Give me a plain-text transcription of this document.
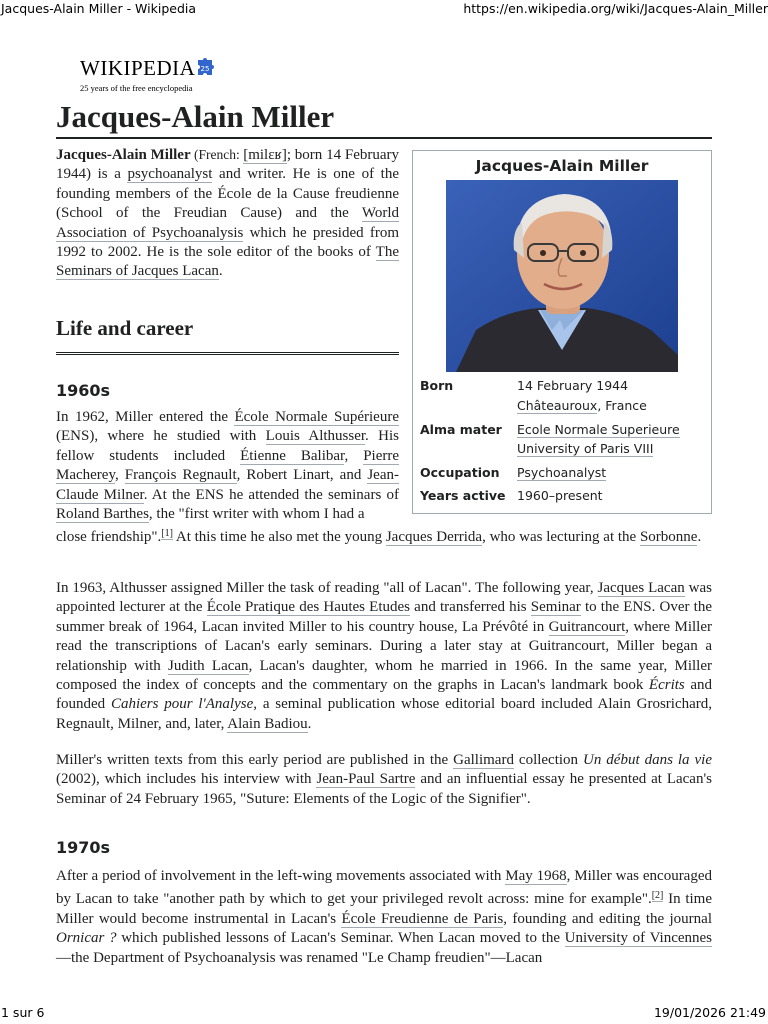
Jacques-Alain Miller - Wikipedia	https://en.wikipedia.org/wiki/Jacques-Alain_Miller
WIKIPEDIA 25
25 years of the free encyclopedia
Jacques-Alain Miller

Jacques-Alain Miller (French: [milɛʁ]; born 14 February 1944) is a psychoanalyst and writer. He is one of the founding members of the École de la Cause freudienne (School of the Freudian Cause) and the World Association of Psychoanalysis which he presided from 1992 to 2002. He is the sole editor of the books of The Seminars of Jacques Lacan.

Life and career
1960s

In 1962, Miller entered the École Normale Supérieure (ENS), where he studied with Louis Althusser. His fellow students included Étienne Balibar, Pierre Macherey, François Regnault, Robert Linart, and Jean-Claude Milner. At the ENS he attended the seminars of Roland Barthes, the "first writer with whom I had a

close friendship".[1] At this time he also met the young Jacques Derrida, who was lecturing at the Sorbonne.

In 1963, Althusser assigned Miller the task of reading "all of Lacan". The following year, Jacques Lacan was appointed lecturer at the École Pratique des Hautes Etudes and transferred his Seminar to the ENS. Over the summer break of 1964, Lacan invited Miller to his country house, La Prévôté in Guitrancourt, where Miller read the transcriptions of Lacan's early seminars. During a later stay at Guitrancourt, Miller began a relationship with Judith Lacan, Lacan's daughter, whom he married in 1966. In the same year, Miller composed the index of concepts and the commentary on the graphs in Lacan's landmark book Écrits and founded Cahiers pour l'Analyse, a seminal publication whose editorial board included Alain Grosrichard, Regnault, Milner, and, later, Alain Badiou.

Miller's written texts from this early period are published in the Gallimard collection Un début dans la vie (2002), which includes his interview with Jean-Paul Sartre and an influential essay he presented at Lacan's Seminar of 24 February 1965, "Suture: Elements of the Logic of the Signifier".

1970s

After a period of involvement in the left-wing movements associated with May 1968, Miller was encouraged by Lacan to take "another path by which to get your privileged revolt across: mine for example".[2] In time Miller would become instrumental in Lacan's École Freudienne de Paris, founding and editing the journal Ornicar ? which published lessons of Lacan's Seminar. When Lacan moved to the University of Vincennes—the Department of Psychoanalysis was renamed "Le Champ freudien"—Lacan

Jacques-Alain Miller
Born	14 February 1944
Châteauroux, France
Alma mater Ecole Normale Superieure
University of Paris VIII
Occupation Psychoanalyst
Years active 1960–present
1 sur 6	19/01/2026 21:49
